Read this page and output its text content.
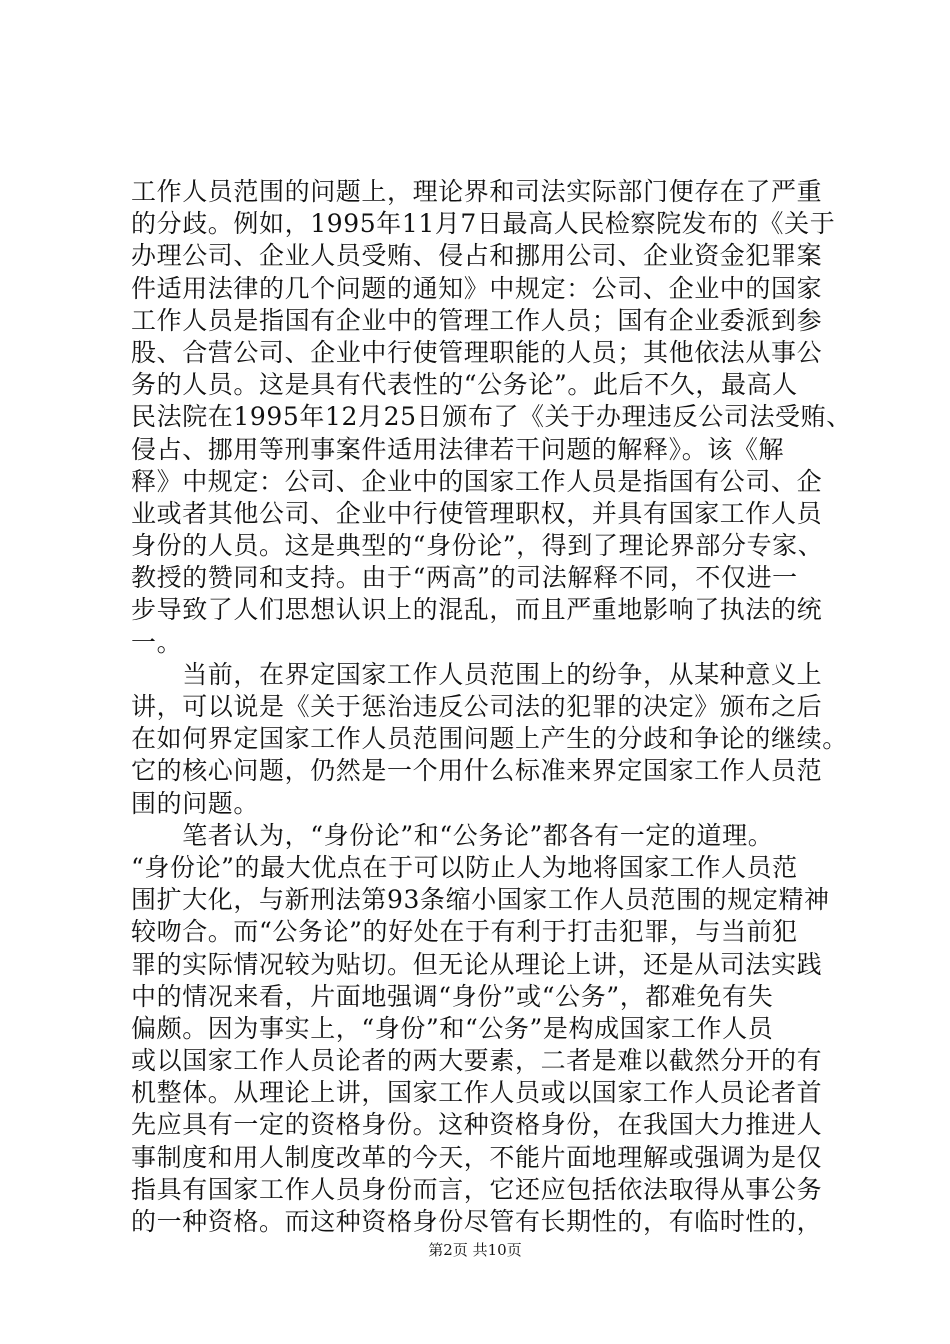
工作人员范围的问题上，理论界和司法实际部门便存在了严重
的分歧。例如，1995年11月7日最高人民检察院发布的《关于
办理公司、企业人员受贿、侵占和挪用公司、企业资金犯罪案
件适用法律的几个问题的通知》中规定：公司、企业中的国家
工作人员是指国有企业中的管理工作人员；国有企业委派到参
股、合营公司、企业中行使管理职能的人员；其他依法从事公
务的人员。这是具有代表性的“公务论”。此后不久，最高人
民法院在1995年12月25日颁布了《关于办理违反公司法受贿、
侵占、挪用等刑事案件适用法律若干问题的解释》。该《解
释》中规定：公司、企业中的国家工作人员是指国有公司、企
业或者其他公司、企业中行使管理职权，并具有国家工作人员
身份的人员。这是典型的“身份论”，得到了理论界部分专家、
教授的赞同和支持。由于“两高”的司法解释不同，不仅进一
步导致了人们思想认识上的混乱，而且严重地影响了执法的统
一。
　　当前，在界定国家工作人员范围上的纷争，从某种意义上
讲，可以说是《关于惩治违反公司法的犯罪的决定》颁布之后
在如何界定国家工作人员范围问题上产生的分歧和争论的继续。
它的核心问题，仍然是一个用什么标准来界定国家工作人员范
围的问题。
　　笔者认为，“身份论”和“公务论”都各有一定的道理。
“身份论”的最大优点在于可以防止人为地将国家工作人员范
围扩大化，与新刑法第93条缩小国家工作人员范围的规定精神
较吻合。而“公务论”的好处在于有利于打击犯罪，与当前犯
罪的实际情况较为贴切。但无论从理论上讲，还是从司法实践
中的情况来看，片面地强调“身份”或“公务”，都难免有失
偏颇。因为事实上，“身份”和“公务”是构成国家工作人员
或以国家工作人员论者的两大要素，二者是难以截然分开的有
机整体。从理论上讲，国家工作人员或以国家工作人员论者首
先应具有一定的资格身份。这种资格身份，在我国大力推进人
事制度和用人制度改革的今天，不能片面地理解或强调为是仅
指具有国家工作人员身份而言，它还应包括依法取得从事公务
的一种资格。而这种资格身份尽管有长期性的，有临时性的，
第2页 共10页
